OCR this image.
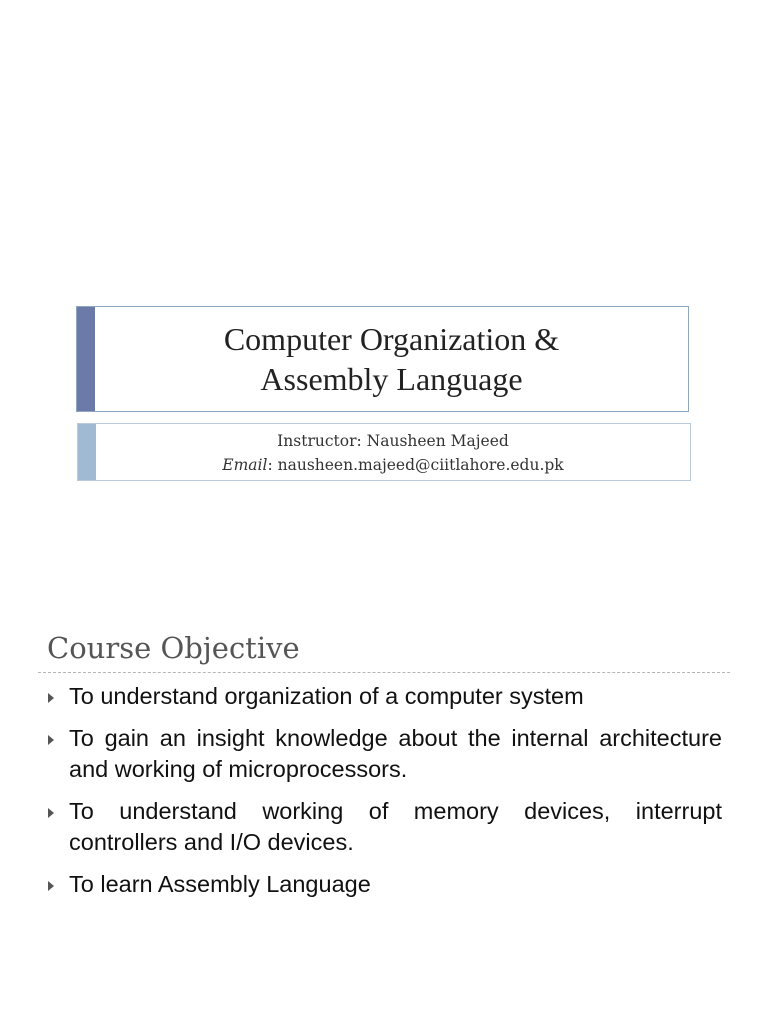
Computer Organization &
Assembly Language
Instructor: Nausheen Majeed
Email: nausheen.majeed@ciitlahore.edu.pk
Course Objective
To understand organization of a computer system
To gain an insight knowledge about the internal architecture and working of microprocessors.
To understand working of memory devices, interrupt controllers and I/O devices.
To learn Assembly Language
